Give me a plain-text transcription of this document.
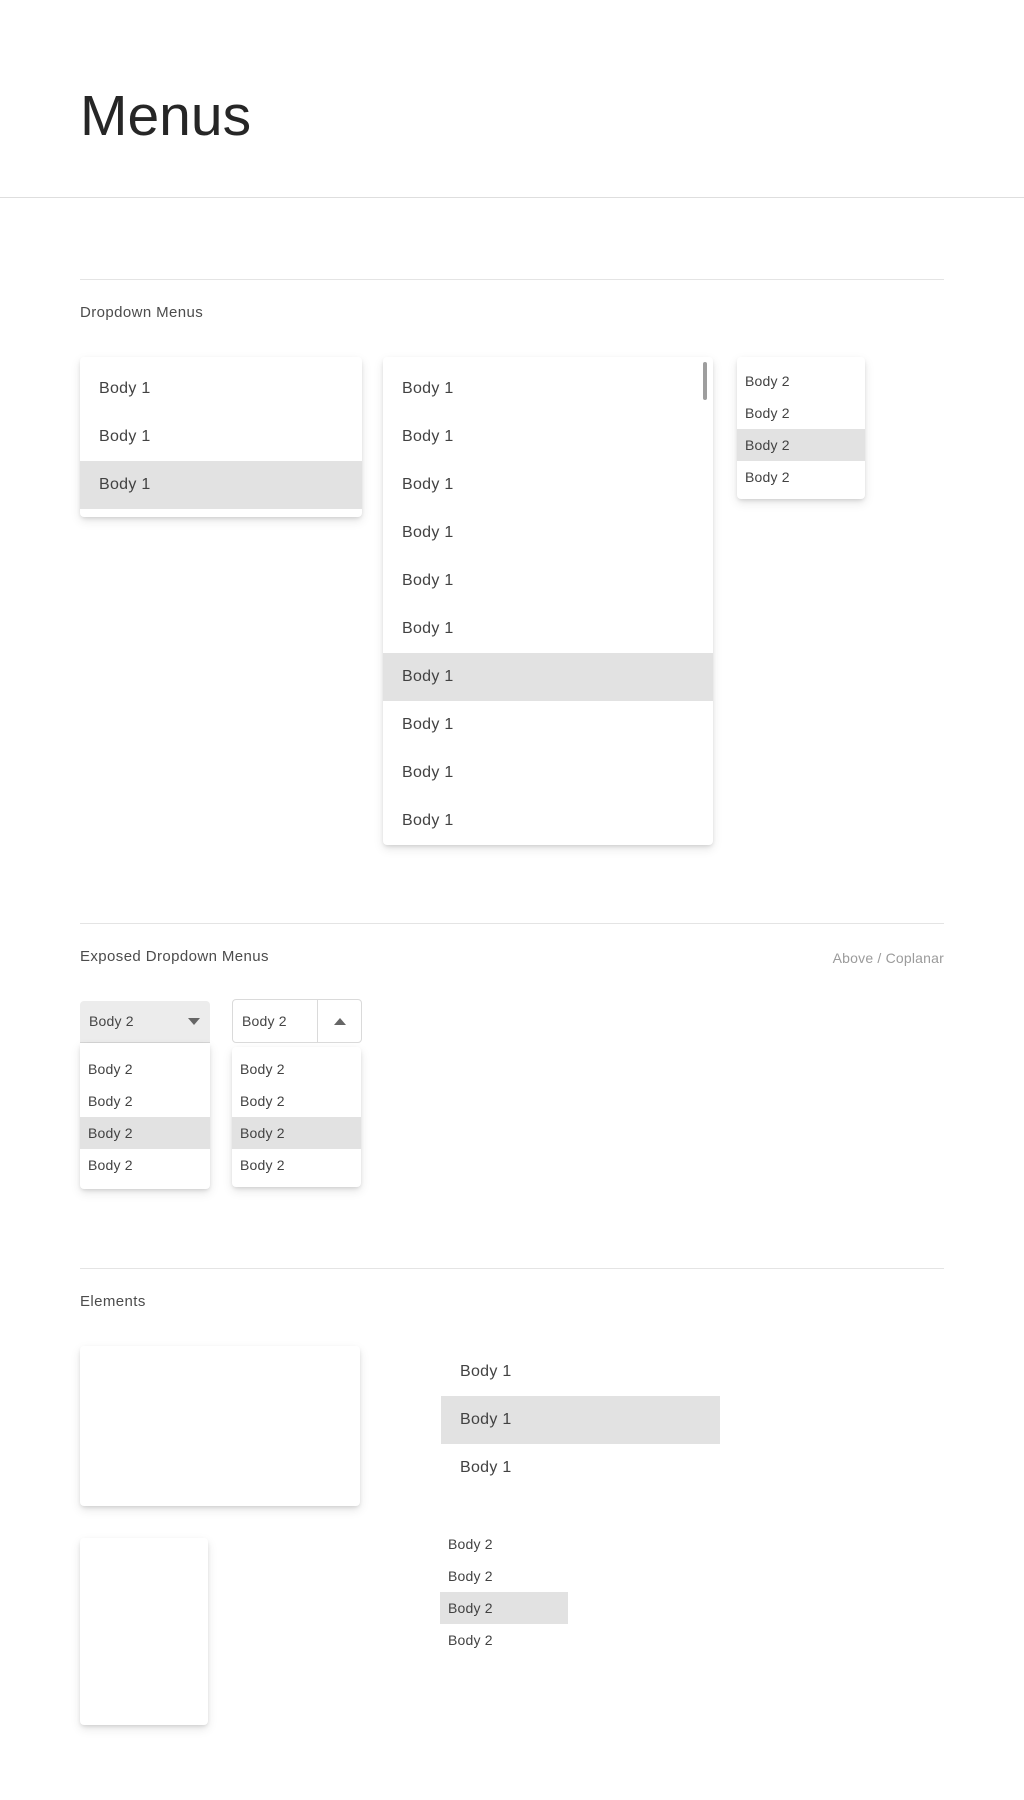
Menus
Dropdown Menus
Body 1
Body 1
Body 1
Body 1
Body 1
Body 1
Body 1
Body 1
Body 1
Body 1
Body 1
Body 1
Body 1
Body 2
Body 2
Body 2
Body 2
Exposed Dropdown Menus	Above / Coplanar
Body 2
Body 2
Body 2
Body 2
Body 2
Body 2
Body 2
Body 2
Body 2
Body 2
Elements
Body 1
Body 1
Body 1
Body 2
Body 2
Body 2
Body 2
